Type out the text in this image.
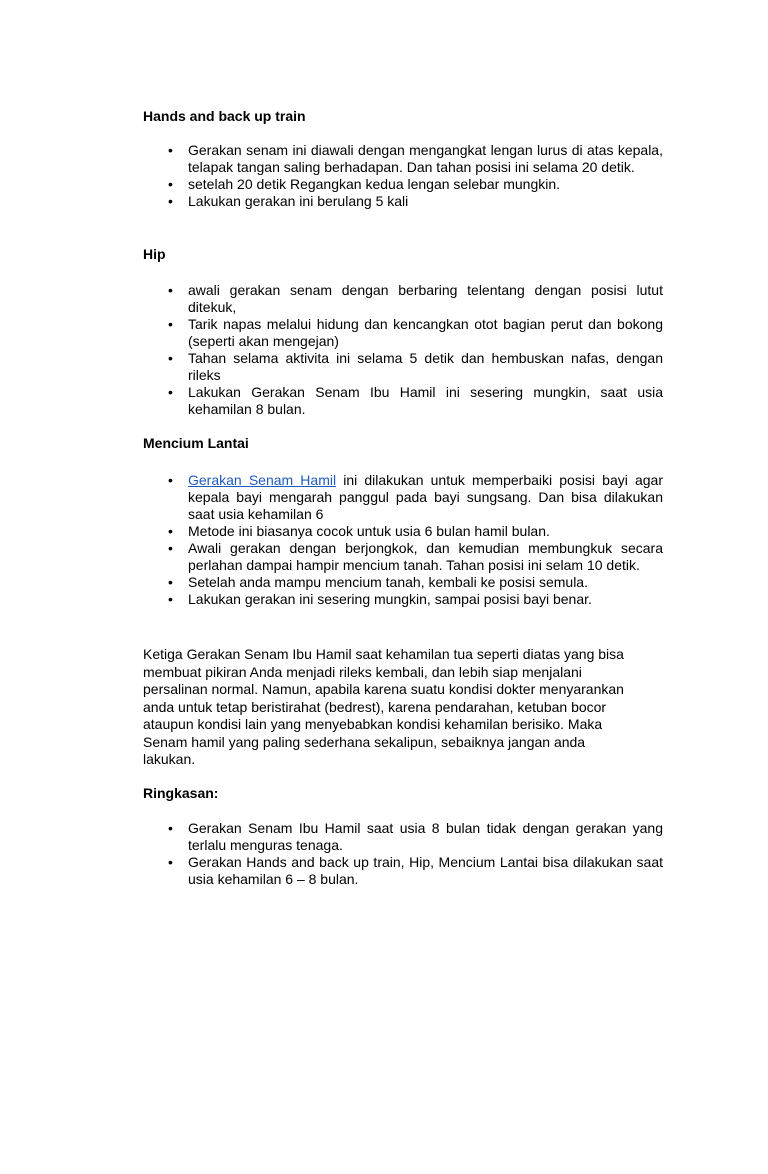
Hands and back up train
• Gerakan senam ini diawali dengan mengangkat lengan lurus di atas kepala, telapak tangan saling berhadapan. Dan tahan posisi ini selama 20 detik.
• setelah 20 detik Regangkan kedua lengan selebar mungkin.
• Lakukan gerakan ini berulang 5 kali
Hip
• awali gerakan senam dengan berbaring telentang dengan posisi lutut ditekuk,
• Tarik napas melalui hidung dan kencangkan otot bagian perut dan bokong (seperti akan mengejan)
• Tahan selama aktivita ini selama 5 detik dan hembuskan nafas, dengan rileks
• Lakukan Gerakan Senam Ibu Hamil ini sesering mungkin, saat usia kehamilan 8 bulan.
Mencium Lantai
• Gerakan Senam Hamil ini dilakukan untuk memperbaiki posisi bayi agar kepala bayi mengarah panggul pada bayi sungsang. Dan bisa dilakukan saat usia kehamilan 6
• Metode ini biasanya cocok untuk usia 6 bulan hamil bulan.
• Awali gerakan dengan berjongkok, dan kemudian membungkuk secara perlahan dampai hampir mencium tanah. Tahan posisi ini selam 10 detik.
• Setelah anda mampu mencium tanah, kembali ke posisi semula.
• Lakukan gerakan ini sesering mungkin, sampai posisi bayi benar.
Ketiga Gerakan Senam Ibu Hamil saat kehamilan tua seperti diatas yang bisa
membuat pikiran Anda menjadi rileks kembali, dan lebih siap menjalani
persalinan normal. Namun, apabila karena suatu kondisi dokter menyarankan
anda untuk tetap beristirahat (bedrest), karena pendarahan, ketuban bocor
ataupun kondisi lain yang menyebabkan kondisi kehamilan berisiko. Maka
Senam hamil yang paling sederhana sekalipun, sebaiknya jangan anda
lakukan.
Ringkasan:
• Gerakan Senam Ibu Hamil saat usia 8 bulan tidak dengan gerakan yang terlalu menguras tenaga.
• Gerakan Hands and back up train, Hip, Mencium Lantai bisa dilakukan saat usia kehamilan 6 – 8 bulan.
